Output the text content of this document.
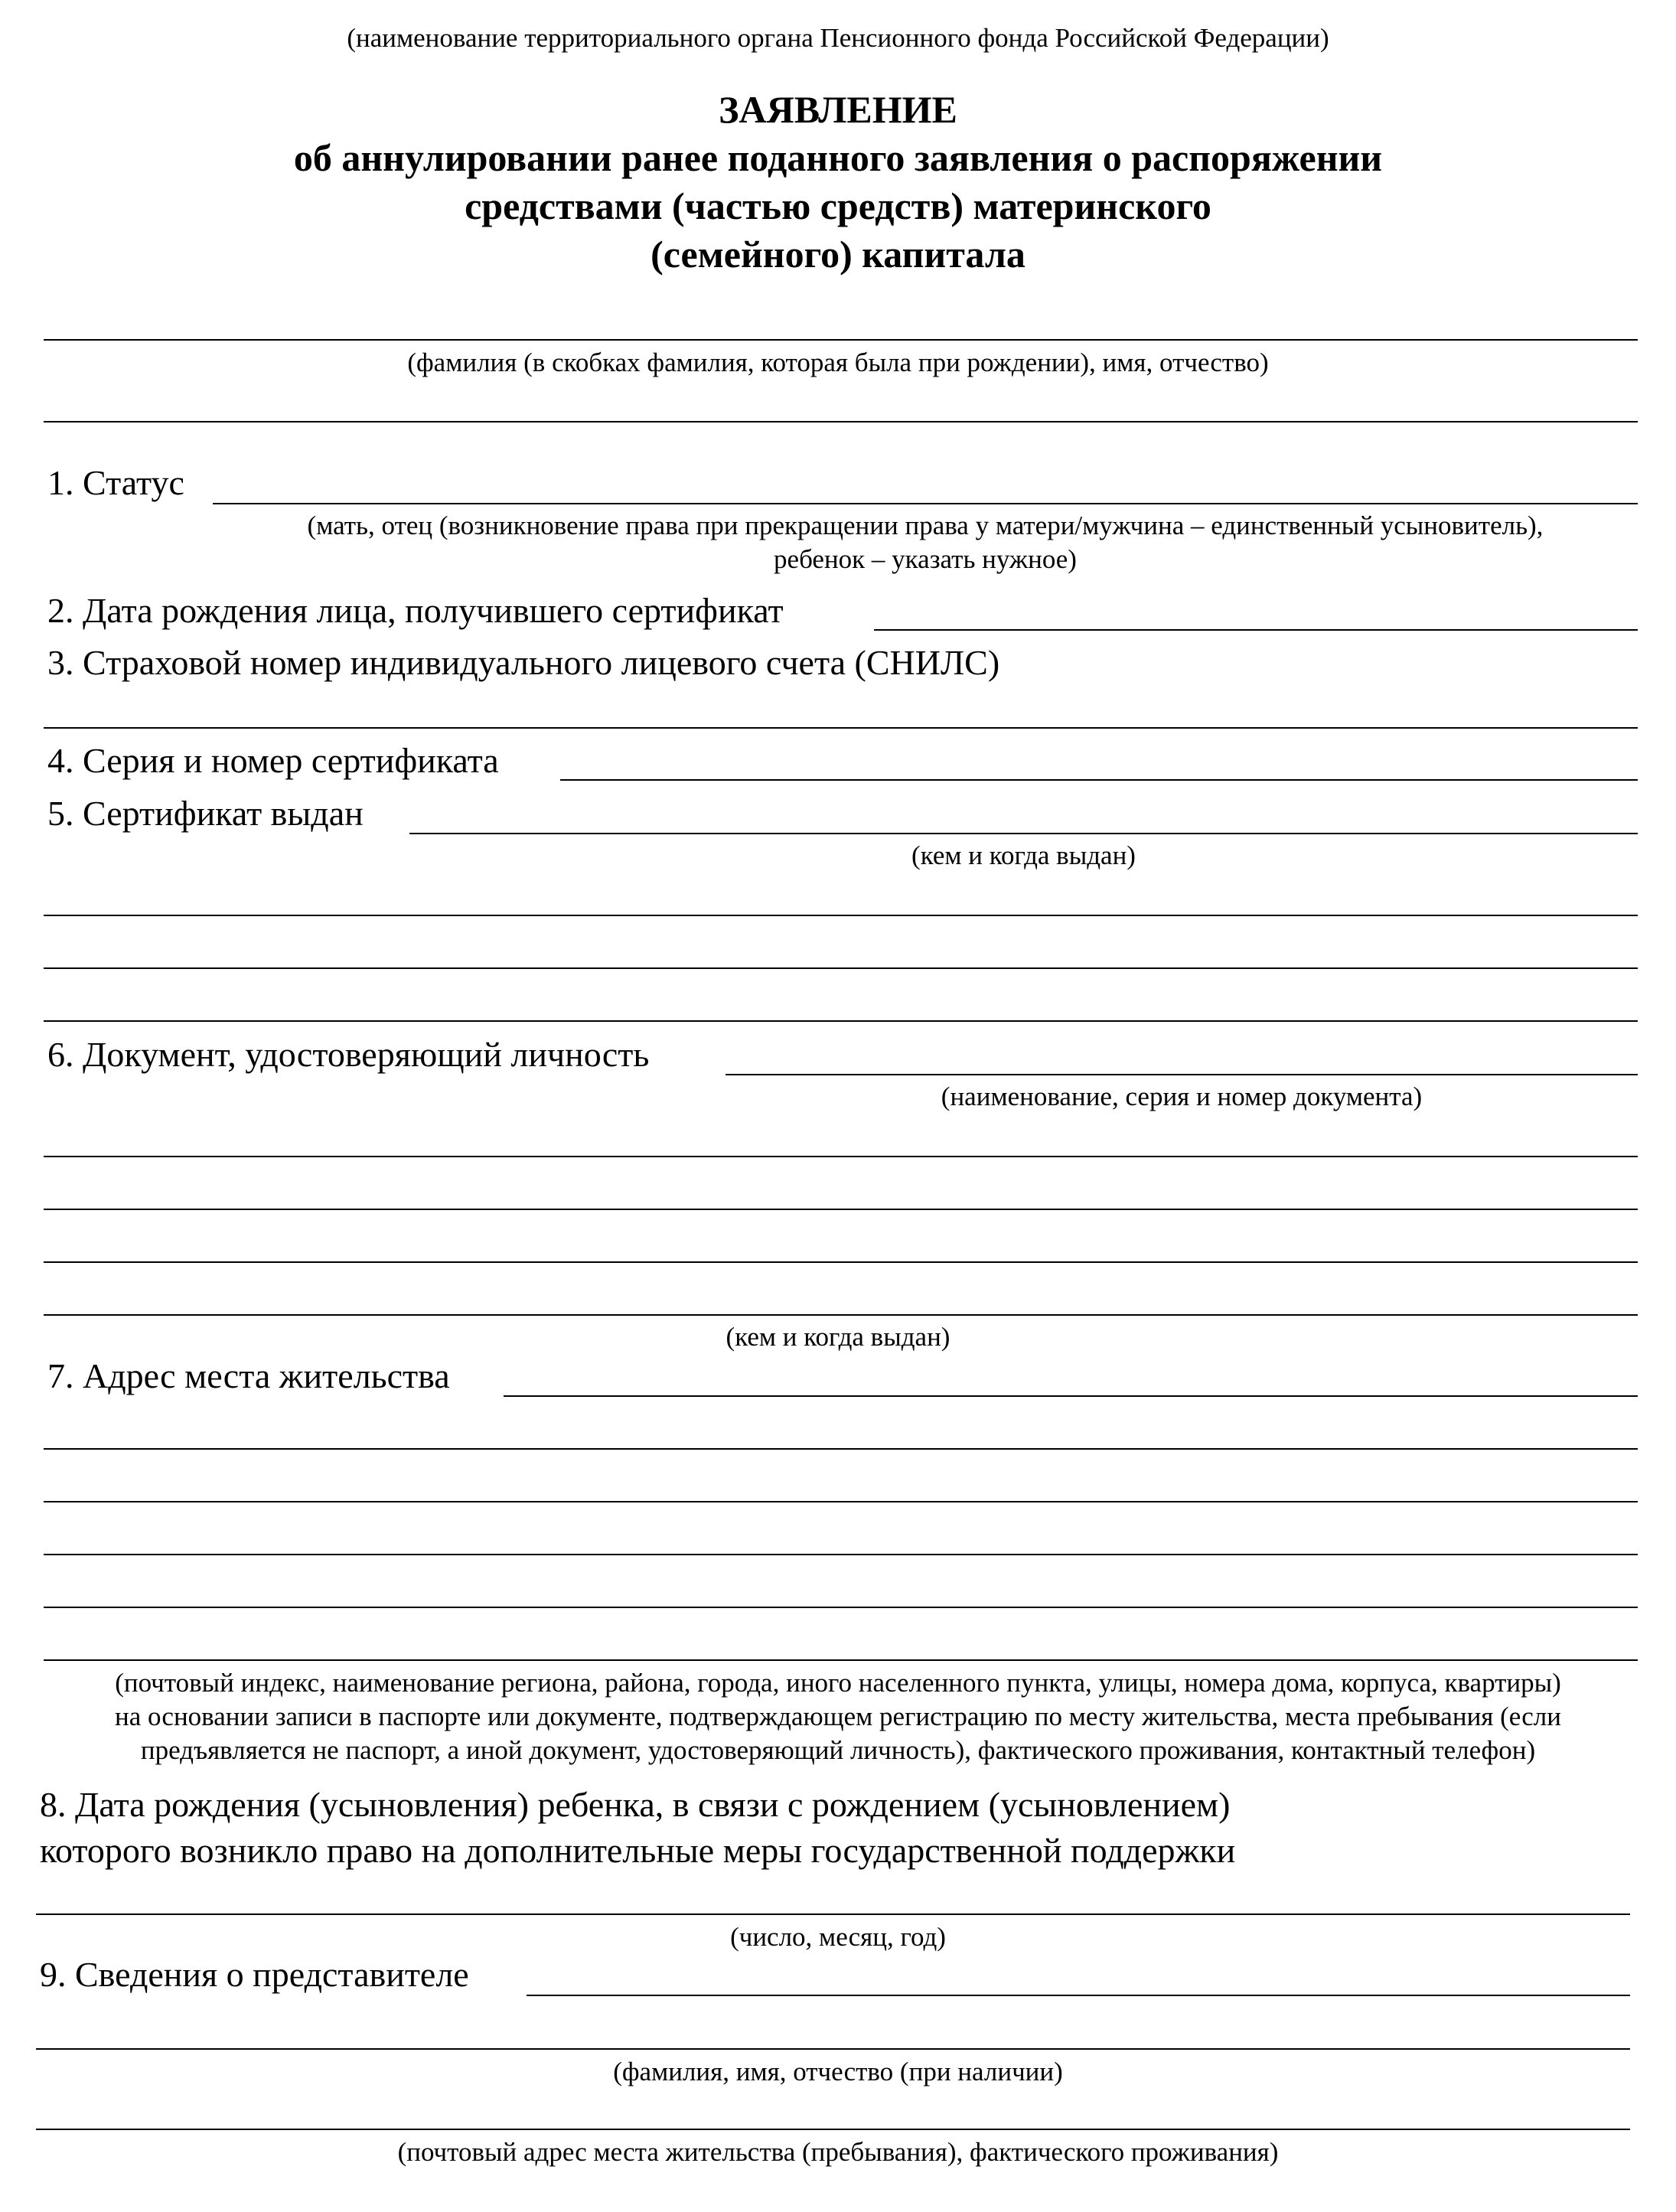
(наименование территориального органа Пенсионного фонда Российской Федерации)
ЗАЯВЛЕНИЕ
об аннулировании ранее поданного заявления о распоряжении
средствами (частью средств) материнского
(семейного) капитала
(фамилия (в скобках фамилия, которая была при рождении), имя, отчество)
1. Статус
(мать, отец (возникновение права при прекращении права у матери/мужчина – единственный усыновитель),
ребенок – указать нужное)
2. Дата рождения лица, получившего сертификат
3. Страховой номер индивидуального лицевого счета (СНИЛС)
4. Серия и номер сертификата
5. Сертификат выдан
(кем и когда выдан)
6. Документ, удостоверяющий личность
(наименование, серия и номер документа)
(кем и когда выдан)
7. Адрес места жительства
(почтовый индекс, наименование региона, района, города, иного населенного пункта, улицы, номера дома, корпуса, квартиры)
на основании записи в паспорте или документе, подтверждающем регистрацию по месту жительства, места пребывания (если
предъявляется не паспорт, а иной документ, удостоверяющий личность), фактического проживания, контактный телефон)
8. Дата рождения (усыновления) ребенка, в связи с рождением (усыновлением)
которого возникло право на дополнительные меры государственной поддержки
(число, месяц, год)
9. Сведения о представителе
(фамилия, имя, отчество (при наличии)
(почтовый адрес места жительства (пребывания), фактического проживания)
